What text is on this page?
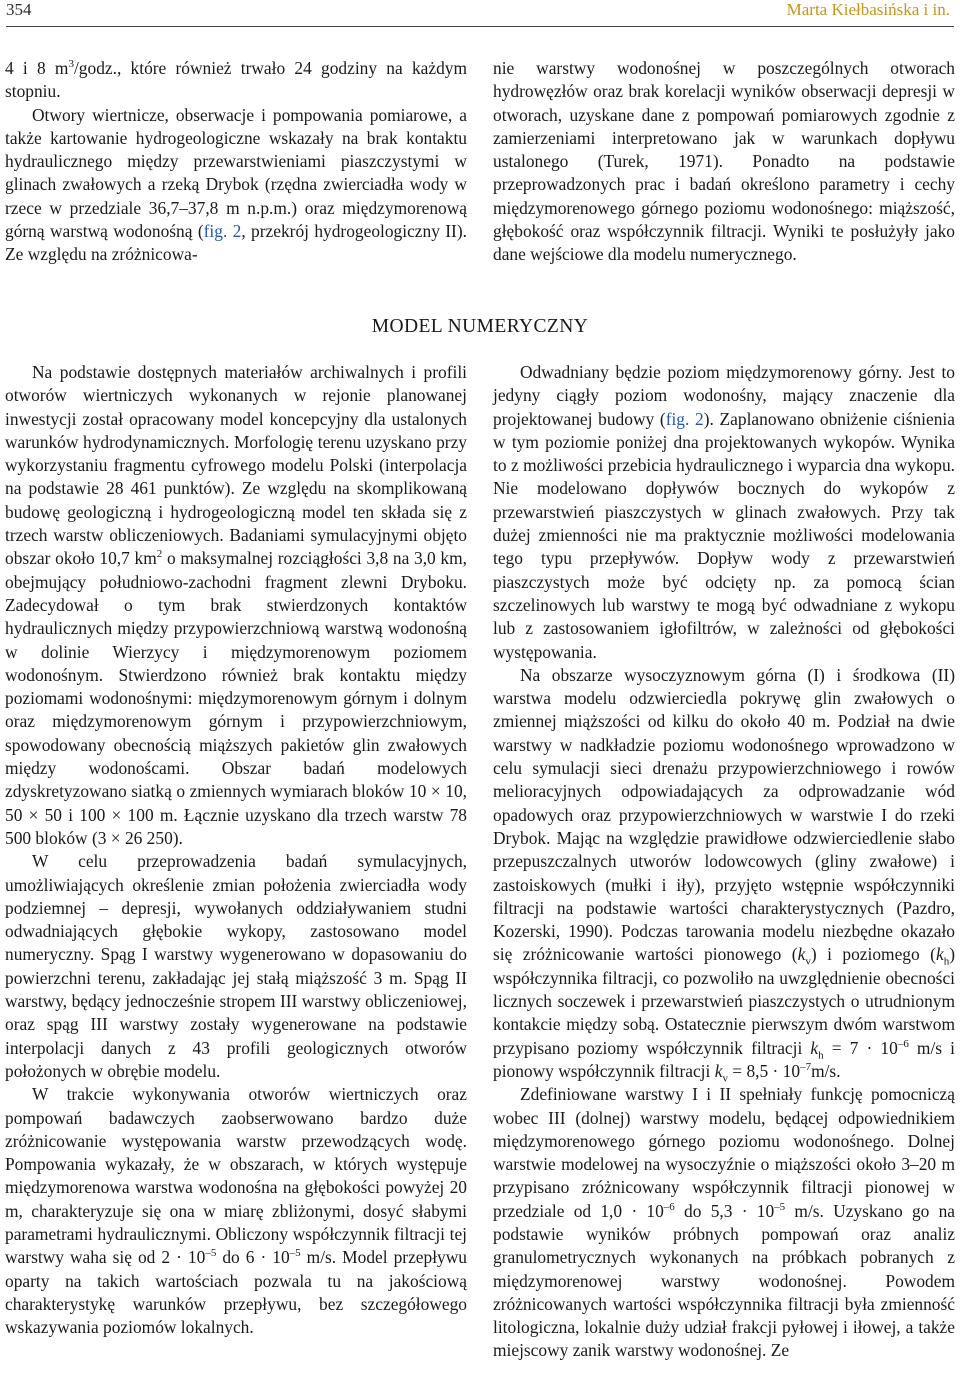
354	Marta Kiełbasińska i in.

4 i 8 $m^3$/godz., które również trwało 24 godziny na każdym stopniu.

Otwory wiertnicze, obserwacje i pompowania pomiarowe, a także kartowanie hydrogeologiczne wskazały na brak kontaktu hydraulicznego między przewarstwieniami piaszczystymi w glinach zwałowych a rzeką Drybok (rzędna zwierciadła wody w rzece w przedziale 36,7–37,8 m n.p.m.) oraz międzymorenową górną warstwą wodonośną (fig. 2, przekrój hydrogeologiczny II). Ze względu na zróżnicowa-

nie warstwy wodonośnej w poszczególnych otworach hydrowęzłów oraz brak korelacji wyników obserwacji depresji w otworach, uzyskane dane z pompowań pomiarowych zgodnie z zamierzeniami interpretowano jak w warunkach dopływu ustalonego (Turek, 1971). Ponadto na podstawie przeprowadzonych prac i badań określono parametry i cechy międzymorenowego górnego poziomu wodonośnego: miąższość, głębokość oraz współczynnik filtracji. Wyniki te posłużyły jako dane wejściowe dla modelu numerycznego.

MODEL NUMERYCZNY

Na podstawie dostępnych materiałów archiwalnych i profili otworów wiertniczych wykonanych w rejonie planowanej inwestycji został opracowany model koncepcyjny dla ustalonych warunków hydrodynamicznych. Morfologię terenu uzyskano przy wykorzystaniu fragmentu cyfrowego modelu Polski (interpolacja na podstawie 28 461 punktów). Ze względu na skomplikowaną budowę geologiczną i hydrogeologiczną model ten składa się z trzech warstw obliczeniowych. Badaniami symulacyjnymi objęto obszar około 10,7 $km^2$ o maksymalnej rozciągłości 3,8 na 3,0 km, obejmujący południowo-zachodni fragment zlewni Dryboku. Zadecydował o tym brak stwierdzonych kontaktów hydraulicznych między przypowierzchniową warstwą wodonośną w dolinie Wierzycy i międzymorenowym poziomem wodonośnym. Stwierdzono również brak kontaktu między poziomami wodonośnymi: międzymorenowym górnym i dolnym oraz międzymorenowym górnym i przypowierzchniowym, spowodowany obecnością miąższych pakietów glin zwałowych między wodonoścami. Obszar badań modelowych zdyskretyzowano siatką o zmiennych wymiarach bloków 10 × 10, 50 × 50 i 100 × 100 m. Łącznie uzyskano dla trzech warstw 78 500 bloków (3 × 26 250).

W celu przeprowadzenia badań symulacyjnych, umożliwiających określenie zmian położenia zwierciadła wody podziemnej – depresji, wywołanych oddziaływaniem studni odwadniających głębokie wykopy, zastosowano model numeryczny. Spąg I warstwy wygenerowano w dopasowaniu do powierzchni terenu, zakładając jej stałą miąższość 3 m. Spąg II warstwy, będący jednocześnie stropem III warstwy obliczeniowej, oraz spąg III warstwy zostały wygenerowane na podstawie interpolacji danych z 43 profili geologicznych otworów położonych w obrębie modelu.

W trakcie wykonywania otworów wiertniczych oraz pompowań badawczych zaobserwowano bardzo duże zróżnicowanie występowania warstw przewodzących wodę. Pompowania wykazały, że w obszarach, w których występuje międzymorenowa warstwa wodonośna na głębokości powyżej 20 m, charakteryzuje się ona w miarę zbliżonymi, dosyć słabymi parametrami hydraulicznymi. Obliczony współczynnik filtracji tej warstwy waha się od $2 \cdot 10^{-5}$ do $6 \cdot 10^{-5}$ m/s. Model przepływu oparty na takich wartościach pozwala tu na jakościową charakterystykę warunków przepływu, bez szczegółowego wskazywania poziomów lokalnych.

Odwadniany będzie poziom międzymorenowy górny. Jest to jedyny ciągły poziom wodonośny, mający znaczenie dla projektowanej budowy (fig. 2). Zaplanowano obniżenie ciśnienia w tym poziomie poniżej dna projektowanych wykopów. Wynika to z możliwości przebicia hydraulicznego i wyparcia dna wykopu. Nie modelowano dopływów bocznych do wykopów z przewarstwień piaszczystych w glinach zwałowych. Przy tak dużej zmienności nie ma praktycznie możliwości modelowania tego typu przepływów. Dopływ wody z przewarstwień piaszczystych może być odcięty np. za pomocą ścian szczelinowych lub warstwy te mogą być odwadniane z wykopu lub z zastosowaniem igłofiltrów, w zależności od głębokości występowania.

Na obszarze wysoczyznowym górna (I) i środkowa (II) warstwa modelu odzwierciedla pokrywę glin zwałowych o zmiennej miąższości od kilku do około 40 m. Podział na dwie warstwy w nadkładzie poziomu wodonośnego wprowadzono w celu symulacji sieci drenażu przypowierzchniowego i rowów melioracyjnych odpowiadających za odprowadzanie wód opadowych oraz przypowierzchniowych w warstwie I do rzeki Drybok. Mając na względzie prawidłowe odzwierciedlenie słabo przepuszczalnych utworów lodowcowych (gliny zwałowe) i zastoiskowych (mułki i iły), przyjęto wstępnie współczynniki filtracji na podstawie wartości charakterystycznych (Pazdro, Kozerski, 1990). Podczas tarowania modelu niezbędne okazało się zróżnicowanie wartości pionowego $(k_v)$ i poziomego $(k_h)$ współczynnika filtracji, co pozwoliło na uwzględnienie obecności licznych soczewek i przewarstwień piaszczystych o utrudnionym kontakcie między sobą. Ostatecznie pierwszym dwóm warstwom przypisano poziomy współczynnik filtracji $k_h = 7 \cdot 10^{-6}$ m/s i pionowy współczynnik filtracji $k_v = 8,5 \cdot 10^{-7}m/s$.

Zdefiniowane warstwy I i II spełniały funkcję pomocniczą wobec III (dolnej) warstwy modelu, będącej odpowiednikiem międzymorenowego górnego poziomu wodonośnego. Dolnej warstwie modelowej na wysoczyźnie o miąższości około 3–20 m przypisano zróżnicowany współczynnik filtracji pionowej w przedziale od $1,0 \cdot 10^{-6}$ do $5,3 \cdot 10^{-5}$ m/s. Uzyskano go na podstawie wyników próbnych pompowań oraz analiz granulometrycznych wykonanych na próbkach pobranych z międzymorenowej warstwy wodonośnej. Powodem zróżnicowanych wartości współczynnika filtracji była zmienność litologiczna, lokalnie duży udział frakcji pyłowej i iłowej, a także miejscowy zanik warstwy wodonośnej. Ze
